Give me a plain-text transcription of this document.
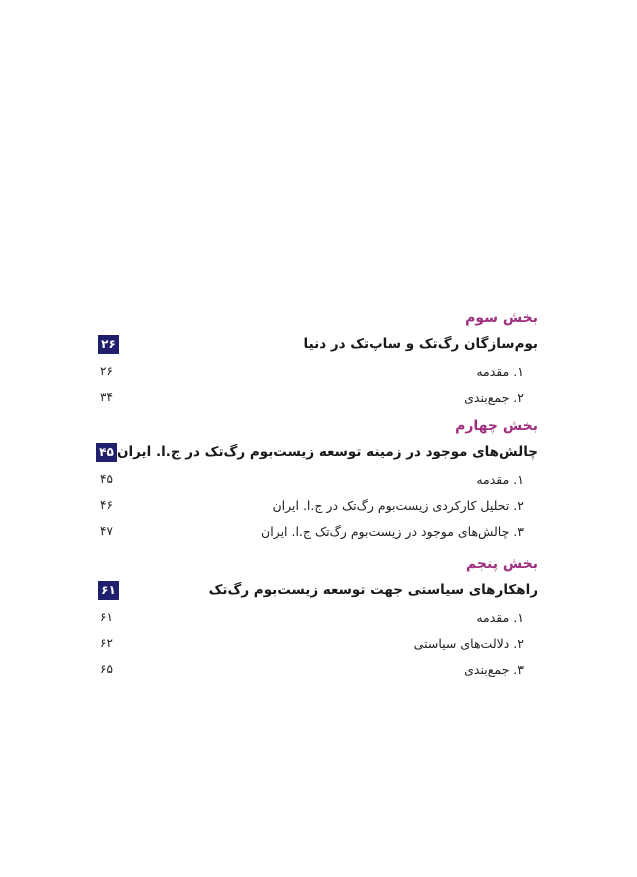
بخش سوم
بوم‌سازگان رگ‌تک و ساپ‌تک در دنیا
۲۶
۱. مقدمه
۲۶
۲. جمع‌بندی
۳۴
بخش چهارم
چالش‌های موجود در زمینه توسعه زیست‌بوم رگ‌تک در ج.ا. ایران
۴۵
۱. مقدمه
۴۵
۲. تحلیل کارکردی زیست‌بوم رگ‌تک در ج.ا. ایران
۴۶
۳. چالش‌های موجود در زیست‌بوم رگ‌تک ج.ا. ایران
۴۷
بخش پنجم
راهکارهای سیاستی جهت توسعه زیست‌بوم رگ‌تک
۶۱
۱. مقدمه
۶۱
۲. دلالت‌های سیاستی
۶۲
۳. جمع‌بندی
۶۵
